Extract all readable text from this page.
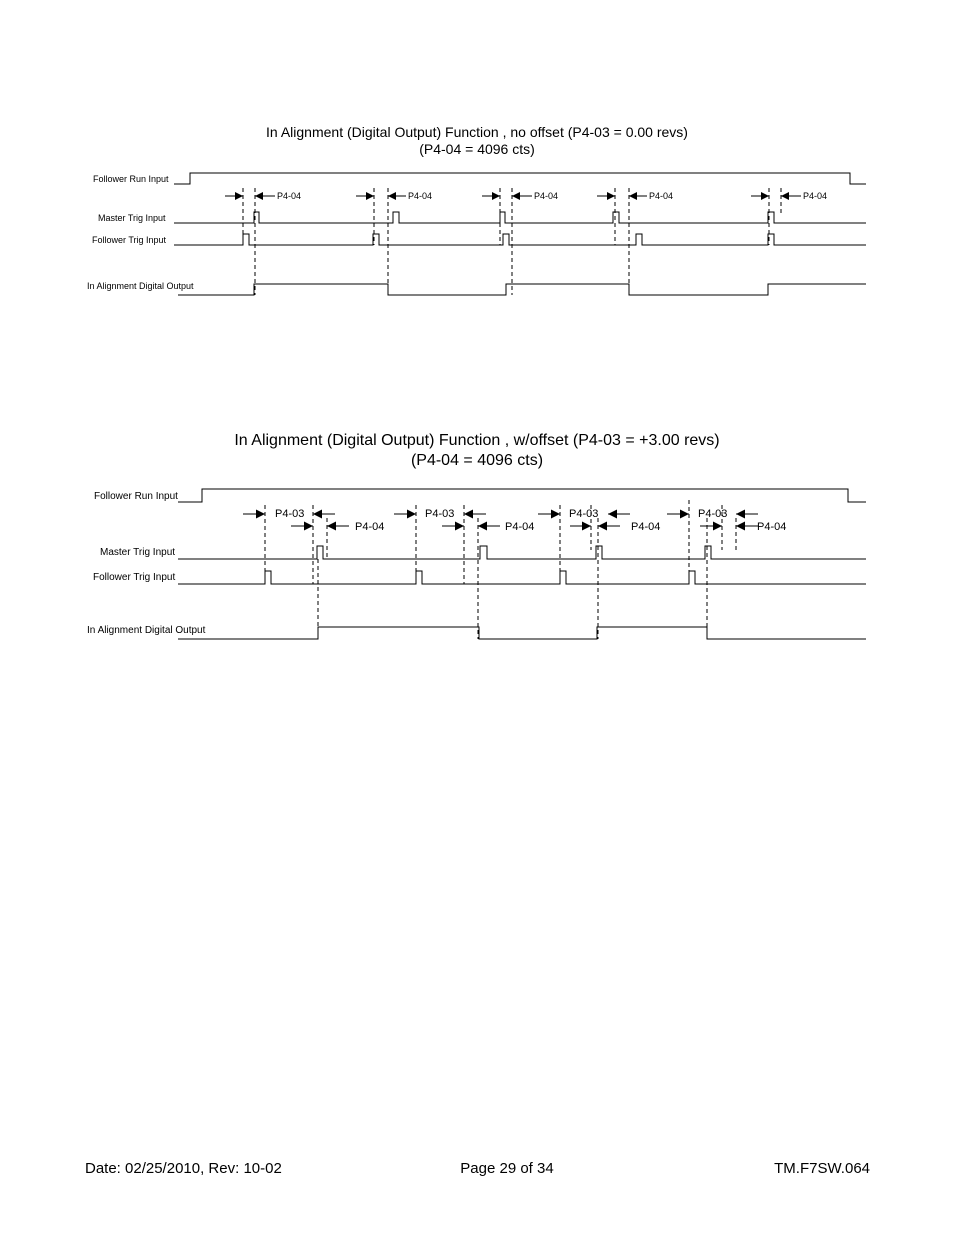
In Alignment (Digital Output) Function , no offset (P4-03 = 0.00 revs)
(P4-04 = 4096 cts)
Follower Run Input
Master Trig Input
Follower Trig Input
In Alignment Digital Output
P4-04	P4-04	P4-04	P4-04	P4-04
In Alignment (Digital Output) Function , w/offset (P4-03 = +3.00 revs)
(P4-04 = 4096 cts)
Follower Run Input
Master Trig Input
Follower Trig Input
In Alignment Digital Output
P4-03
P4-04
P4-03
P4-04
P4-03
P4-04
P4-03
P4-04
Date: 02/25/2010, Rev: 10-02	Page 29 of 34	TM.F7SW.064
